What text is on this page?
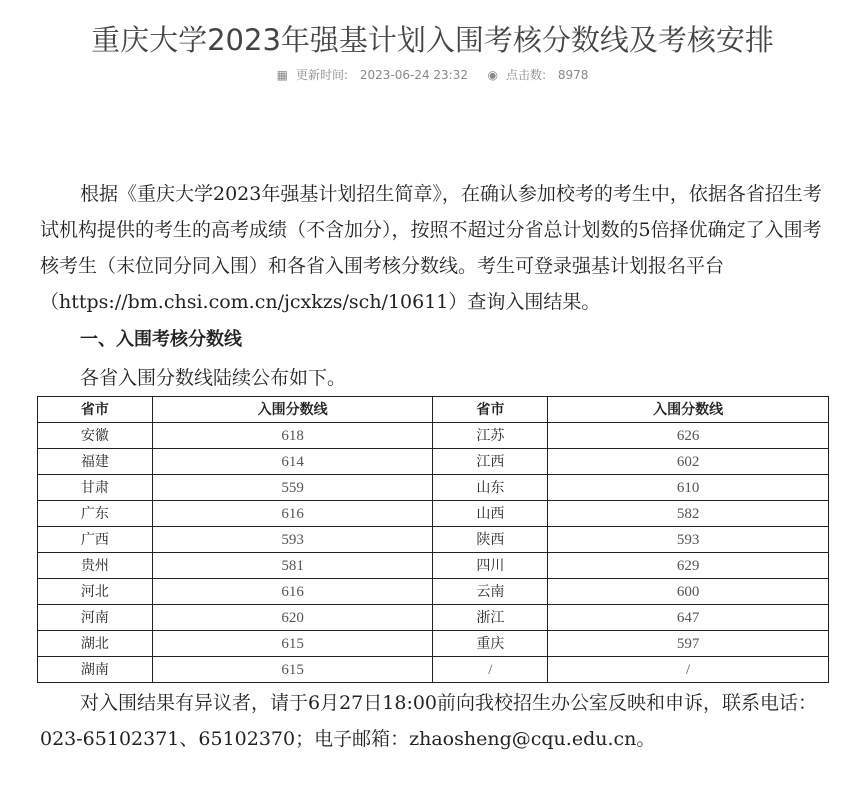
重庆大学2023年强基计划入围考核分数线及考核安排
▦ 更新时间: 2023-06-24 23:32 ◉ 点击数: 8978

根据《重庆大学2023年强基计划招生简章》，在确认参加校考的考生中，依据各省招生考试机构提供的考生的高考成绩（不含加分），按照不超过分省总计划数的5倍择优确定了入围考核考生（末位同分同入围）和各省入围考核分数线。考生可登录强基计划报名平台（https://bm.chsi.com.cn/jcxkzs/sch/10611）查询入围结果。

一、入围考核分数线

各省入围分数线陆续公布如下。

省市	入围分数线	省市	入围分数线
安徽	618	江苏	626
福建	614	江西	602
甘肃	559	山东	610
广东	616	山西	582
广西	593	陕西	593
贵州	581	四川	629
河北	616	云南	600
河南	620	浙江	647
湖北	615	重庆	597
湖南	615	/	/

对入围结果有异议者，请于6月27日18:00前向我校招生办公室反映和申诉，联系电话：023-65102371、65102370；电子邮箱：zhaosheng@cqu.edu.cn。
